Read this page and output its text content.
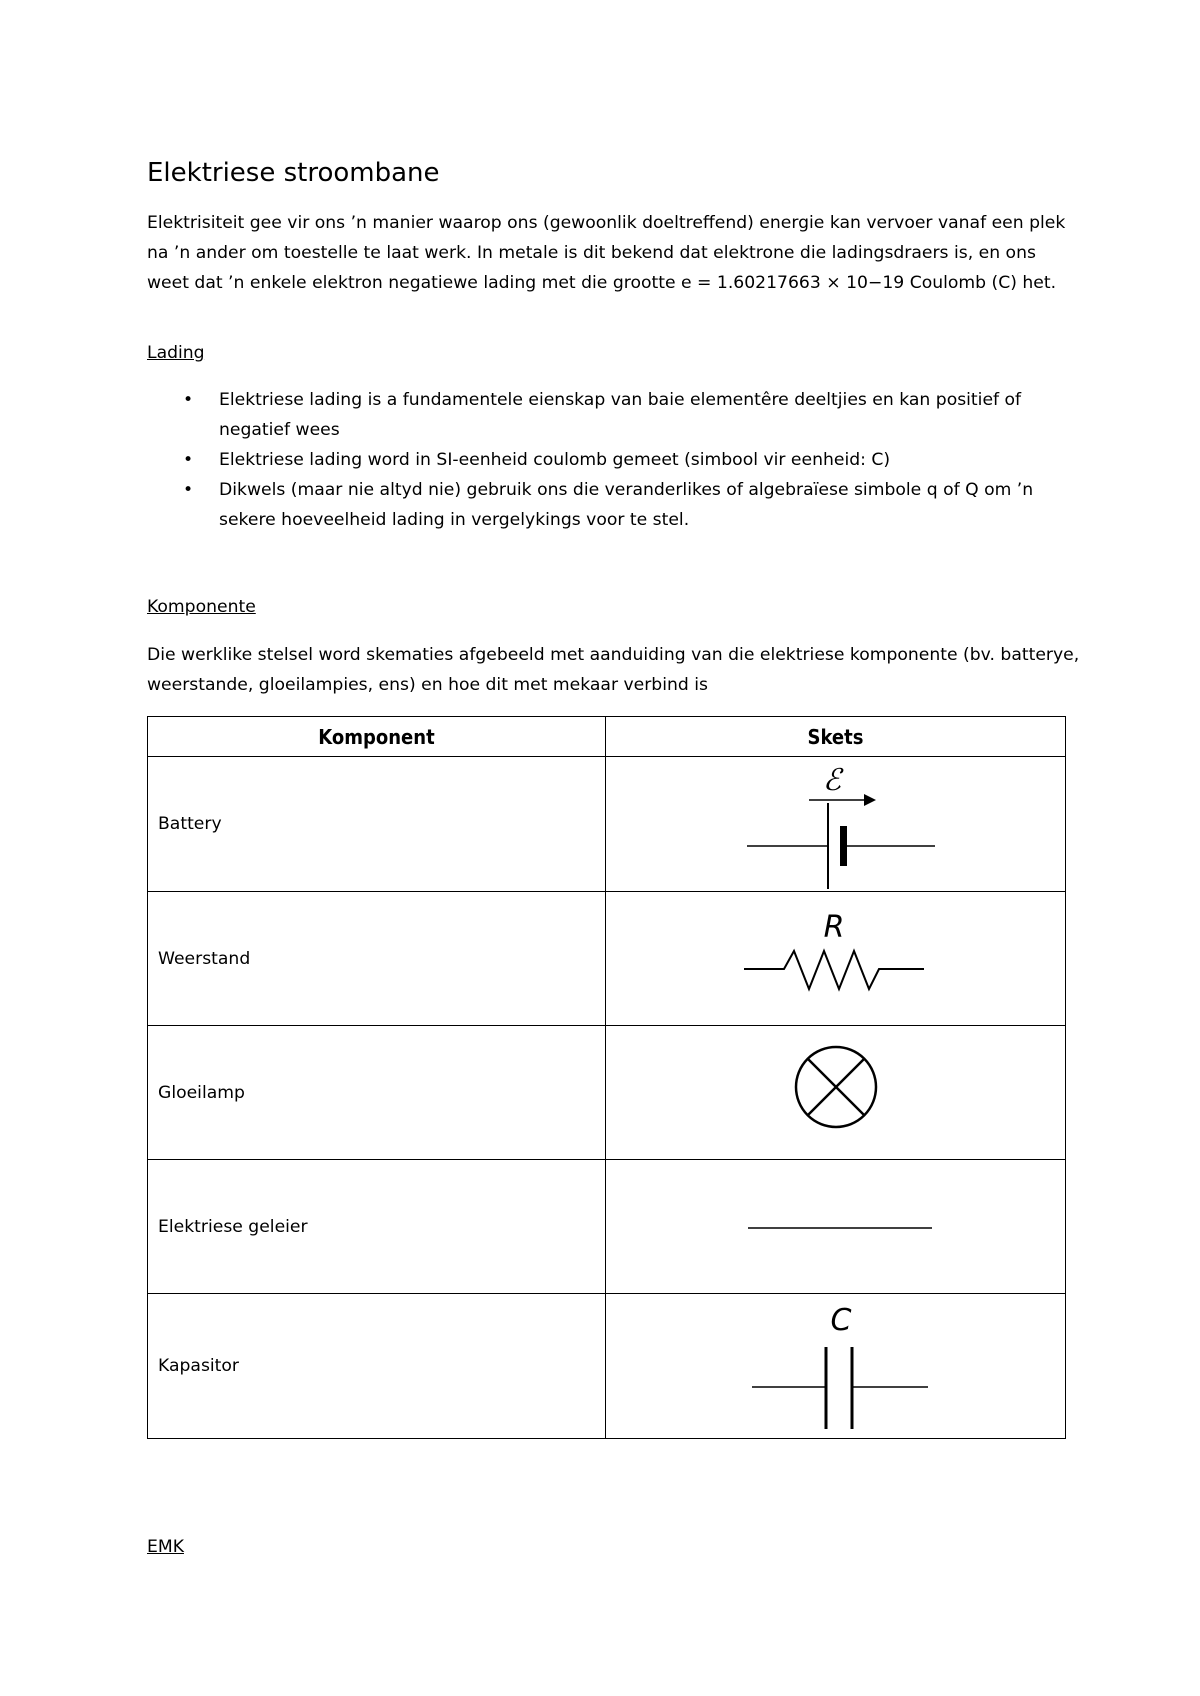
Elektriese stroombane

Elektrisiteit gee vir ons ’n manier waarop ons (gewoonlik doeltreffend) energie kan vervoer vanaf een plek na ’n ander om toestelle te laat werk. In metale is dit bekend dat elektrone die ladingsdraers is, en ons weet dat ’n enkele elektron negatiewe lading met die grootte e = 1.60217663 × 10−19 Coulomb (C) het.

Lading

• Elektriese lading is a fundamentele eienskap van baie elementêre deeltjies en kan positief of negatief wees
• Elektriese lading word in SI-eenheid coulomb gemeet (simbool vir eenheid: C)
• Dikwels (maar nie altyd nie) gebruik ons die veranderlikes of algebraïese simbole q of Q om ’n sekere hoeveelheid lading in vergelykings voor te stel.

Komponente

Die werklike stelsel word skematies afgebeeld met aanduiding van die elektriese komponente (bv. batterye, weerstande, gloeilampies, ens) en hoe dit met mekaar verbind is

Komponent	Skets
Battery	ℰ

Weerstand	R

Gloeilamp	

Elektriese geleier	

Kapasitor	C

EMK
